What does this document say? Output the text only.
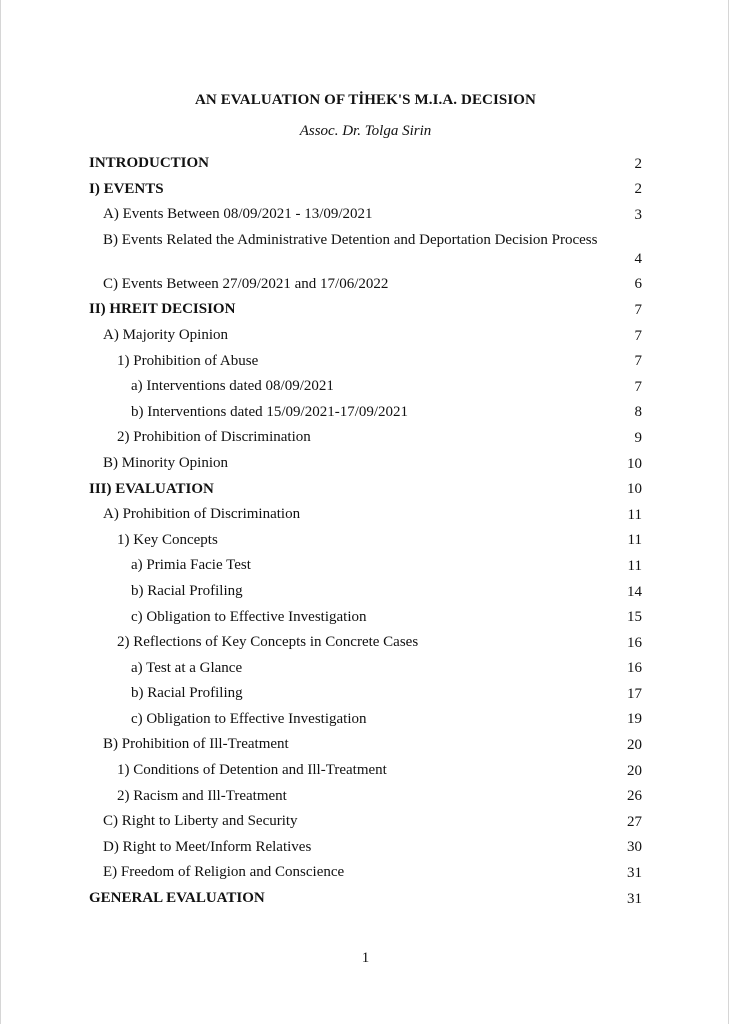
AN EVALUATION OF TİHEK'S M.I.A. DECISION
Assoc. Dr. Tolga Sirin
INTRODUCTION	2
I) EVENTS	2
A) Events Between 08/09/2021 - 13/09/2021	3
B) Events Related the Administrative Detention and Deportation Decision Process
4
C) Events Between 27/09/2021 and 17/06/2022	6
II) HREIT DECISION	7
A) Majority Opinion	7
1) Prohibition of Abuse	7
a) Interventions dated 08/09/2021	7
b) Interventions dated 15/09/2021-17/09/2021	8
2) Prohibition of Discrimination	9
B) Minority Opinion	10
III) EVALUATION	10
A) Prohibition of Discrimination	11
1) Key Concepts	11
a) Primia Facie Test	11
b) Racial Profiling	14
c) Obligation to Effective Investigation	15
2) Reflections of Key Concepts in Concrete Cases	16
a) Test at a Glance	16
b) Racial Profiling	17
c) Obligation to Effective Investigation	19
B) Prohibition of Ill-Treatment	20
1) Conditions of Detention and Ill-Treatment	20
2) Racism and Ill-Treatment	26
C) Right to Liberty and Security	27
D) Right to Meet/Inform Relatives	30
E) Freedom of Religion and Conscience	31
GENERAL EVALUATION	31
1
